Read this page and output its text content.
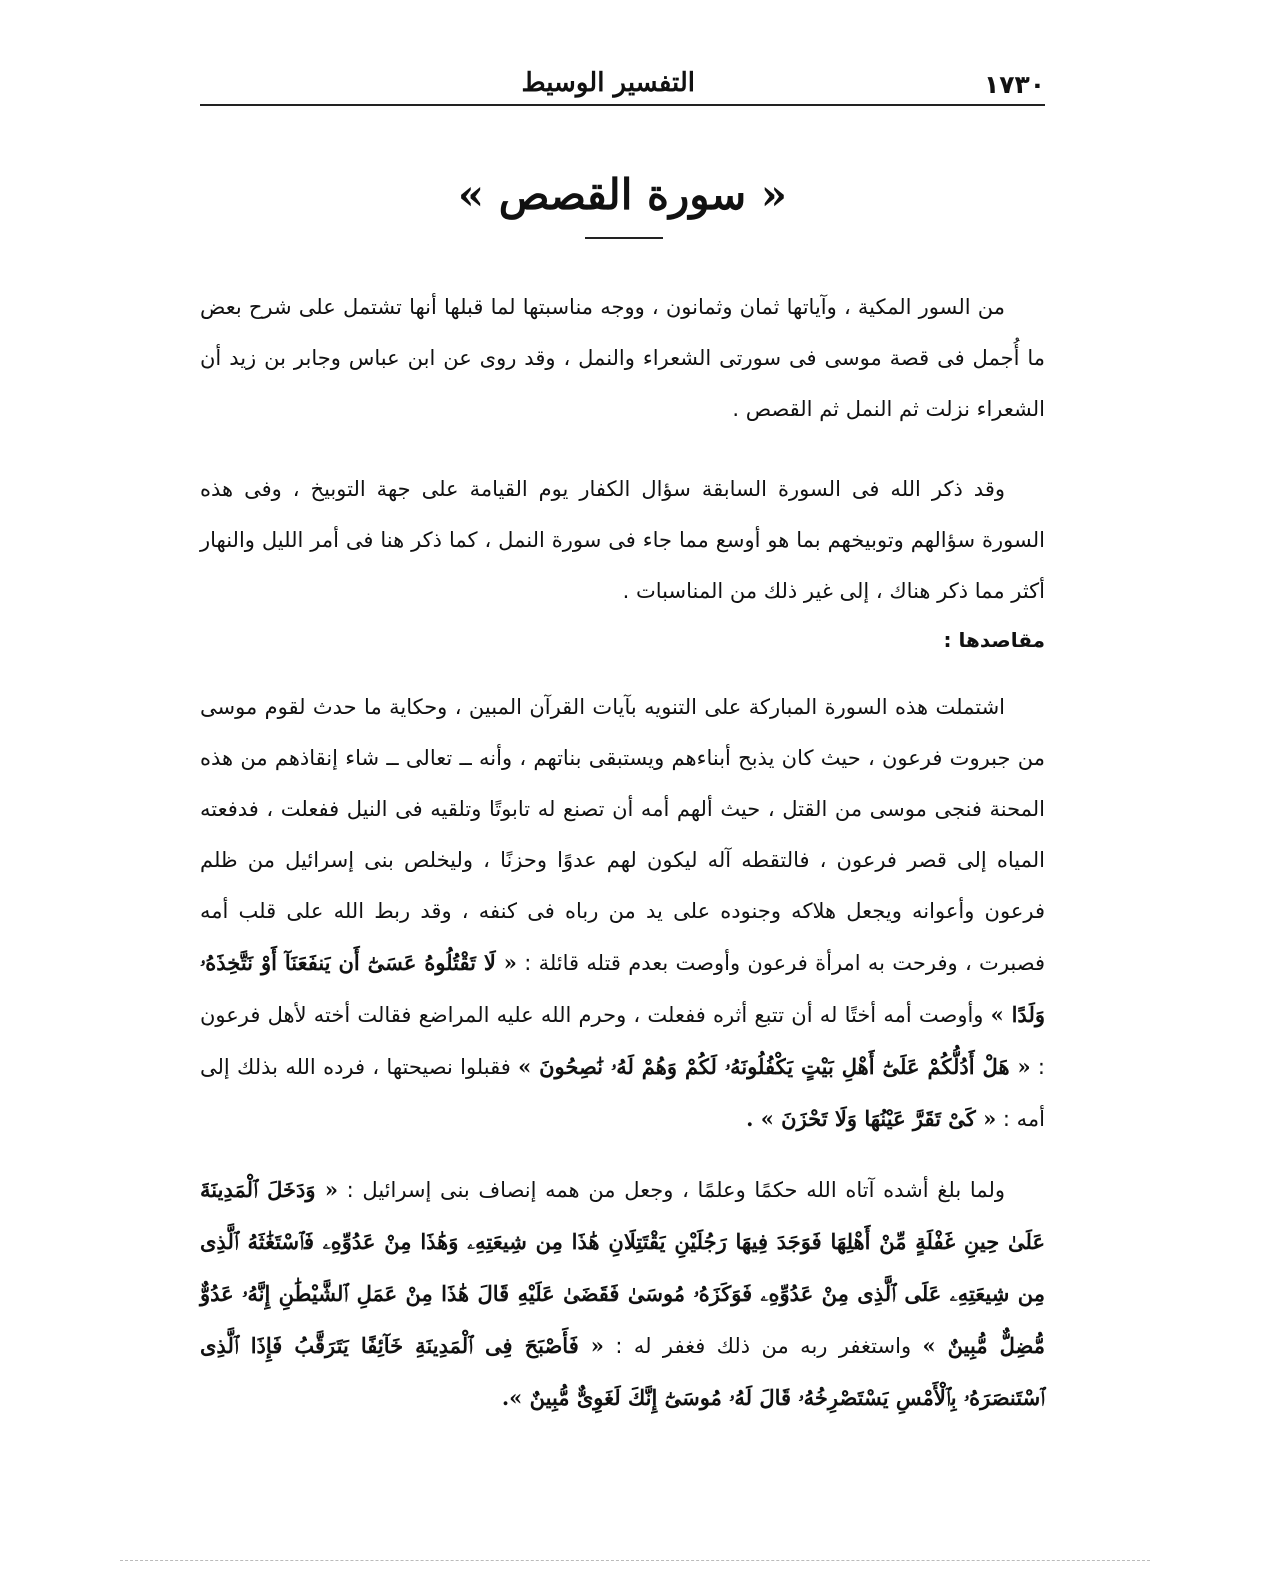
١٧٣٠
التفسير الوسيط
« سورة القصص »

من السور المكية ، وآياتها ثمان وثمانون ، ووجه مناسبتها لما قبلها أنها تشتمل على شرح بعض ما أُجمل فى قصة موسى فى سورتى الشعراء والنمل ، وقد روى عن ابن عباس وجابر بن زيد أن الشعراء نزلت ثم النمل ثم القصص .

وقد ذكر الله فى السورة السابقة سؤال الكفار يوم القيامة على جهة التوبيخ ، وفى هذه السورة سؤالهم وتوبيخهم بما هو أوسع مما جاء فى سورة النمل ، كما ذكر هنا فى أمر الليل والنهار أكثر مما ذكر هناك ، إلى غير ذلك من المناسبات .

مقاصدها :

اشتملت هذه السورة المباركة على التنويه بآيات القرآن المبين ، وحكاية ما حدث لقوم موسى من جبروت فرعون ، حيث كان يذبح أبناءهم ويستبقى بناتهم ، وأنه ــ تعالى ــ شاء إنقاذهم من هذه المحنة فنجى موسى من القتل ، حيث ألهم أمه أن تصنع له تابوتًا وتلقيه فى النيل ففعلت ، فدفعته المياه إلى قصر فرعون ، فالتقطه آله ليكون لهم عدوًا وحزنًا ، وليخلص بنى إسرائيل من ظلم فرعون وأعوانه ويجعل هلاكه وجنوده على يد من رباه فى كنفه ، وقد ربط الله على قلب أمه فصبرت ، وفرحت به امرأة فرعون وأوصت بعدم قتله قائلة : « لَا تَقْتُلُوهُ عَسَىٰٓ أَن يَنفَعَنَآ أَوْ نَتَّخِذَهُۥ وَلَدًا » وأوصت أمه أختًا له أن تتبع أثره ففعلت ، وحرم الله عليه المراضع فقالت أخته لأهل فرعون : « هَلْ أَدُلُّكُمْ عَلَىٰٓ أَهْلِ بَيْتٍ يَكْفُلُونَهُۥ لَكُمْ وَهُمْ لَهُۥ نَٰصِحُونَ » فقبلوا نصيحتها ، فرده الله بذلك إلى أمه : « كَىْ تَقَرَّ عَيْنُهَا وَلَا تَحْزَنَ » .

ولما بلغ أشده آتاه الله حكمًا وعلمًا ، وجعل من همه إنصاف بنى إسرائيل : « وَدَخَلَ ٱلْمَدِينَةَ عَلَىٰ حِينِ غَفْلَةٍ مِّنْ أَهْلِهَا فَوَجَدَ فِيهَا رَجُلَيْنِ يَقْتَتِلَانِ هَٰذَا مِن شِيعَتِهِۦ وَهَٰذَا مِنْ عَدُوِّهِۦ فَٱسْتَغَٰثَهُ ٱلَّذِى مِن شِيعَتِهِۦ عَلَى ٱلَّذِى مِنْ عَدُوِّهِۦ فَوَكَزَهُۥ مُوسَىٰ فَقَضَىٰ عَلَيْهِ قَالَ هَٰذَا مِنْ عَمَلِ ٱلشَّيْطَٰنِ إِنَّهُۥ عَدُوٌّ مُّضِلٌّ مُّبِينٌ » واستغفر ربه من ذلك فغفر له : « فَأَصْبَحَ فِى ٱلْمَدِينَةِ خَآئِفًا يَتَرَقَّبُ فَإِذَا ٱلَّذِى ٱسْتَنصَرَهُۥ بِٱلْأَمْسِ يَسْتَصْرِخُهُۥ قَالَ لَهُۥ مُوسَىٰٓ إِنَّكَ لَغَوِىٌّ مُّبِينٌ ».
